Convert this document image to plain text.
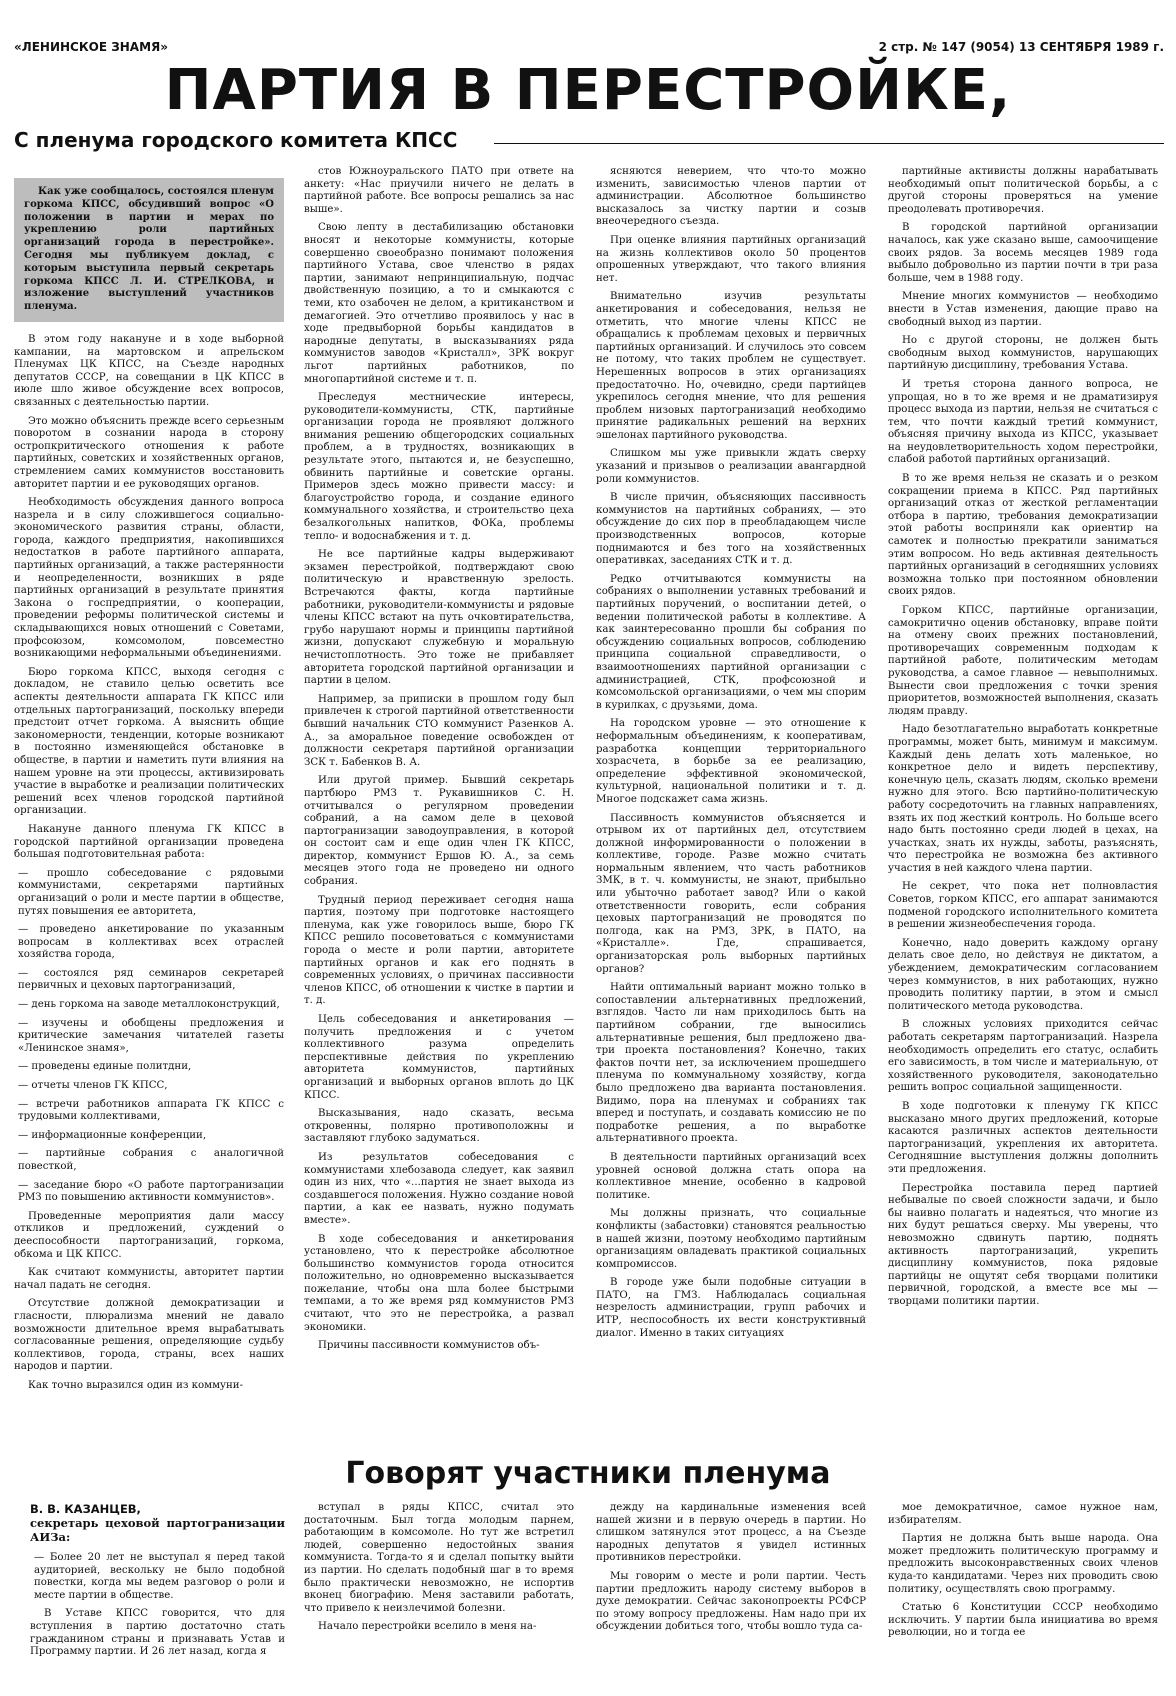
«ЛЕНИНСКОЕ ЗНАМЯ»	2 стр. № 147 (9054) 13 СЕНТЯБРЯ 1989 г.
ПАРТИЯ В ПЕРЕСТРОЙКЕ,
С пленума городского комитета КПСС
Как уже сообщалось, состоялся пленум горкома КПСС, обсудивший вопрос «О положении в партии и мерах по укреплению роли партийных организаций города в перестройке». Сегодня мы публикуем доклад, с которым выступила первый секретарь горкома КПСС Л. И. СТРЕЛКОВА, и изложение выступлений участников пленума.

В этом году накануне и в ходе выборной кампании, на мартовском и апрельском Пленумах ЦК КПСС, на Съезде народных депутатов СССР, на совещании в ЦК КПСС в июле шло живое обсуждение всех вопросов, связанных с деятельностью партии.

Это можно объяснить прежде всего серьезным поворотом в сознании народа в сторону остропкритического отношения к работе партийных, советских и хозяйственных органов, стремлением самих коммунистов восстановить авторитет партии и ее руководящих органов.

Необходимость обсуждения данного вопроса назрела и в силу сложившегося социально-экономического развития страны, области, города, каждого предприятия, накопившихся недостатков в работе партийного аппарата, партийных организаций, а также растерянности и неопределенности, возникших в ряде партийных организаций в результате принятия Закона о госпредприятии, о кооперации, проведении реформы политической системы и складывающихся новых отношений с Советами, профсоюзом, комсомолом, повсеместно возникающими неформальными объединениями.

Бюро горкома КПСС, выходя сегодня с докладом, не ставило целью осветить все аспекты деятельности аппарата ГК КПСС или отдельных партогранизаций, поскольку впереди предстоит отчет горкома. А выяснить общие закономерности, тенденции, которые возникают в постоянно изменяющейся обстановке в обществе, в партии и наметить пути влияния на нашем уровне на эти процессы, активизировать участие в выработке и реализации политических решений всех членов городской партийной организации.

Накануне данного пленума ГК КПСС в городской партийной организации проведена большая подготовительная работа:

— прошло собеседование с рядовыми коммунистами, секретарями партийных организаций о роли и месте партии в обществе, путях повышения ее авторитета,

— проведено анкетирование по указанным вопросам в коллективах всех отраслей хозяйства города,

— состоялся ряд семинаров секретарей первичных и цеховых партогранизаций,

— день горкома на заводе металлоконструкций,

— изучены и обобщены предложения и критические замечания читателей газеты «Ленинское знамя»,

— проведены единые политдни,

— отчеты членов ГК КПСС,

— встречи работников аппарата ГК КПСС с трудовыми коллективами,

— информационные конференции,

— партийные собрания с аналогичной повесткой,

— заседание бюро «О работе партогранизации РМЗ по повышению активности коммунистов».

Проведенные мероприятия дали массу откликов и предложений, суждений о дееспособности партогранизаций, горкома, обкома и ЦК КПСС.

Как считают коммунисты, авторитет партии начал падать не сегодня.

Отсутствие должной демократизации и гласности, плюрализма мнений не давало возможности длительное время вырабатывать согласованные решения, определяющие судьбу коллективов, города, страны, всех наших народов и партии.

Как точно выразился один из коммуни-

стов Южноуральского ПАТО при ответе на анкету: «Нас приучили ничего не делать в партийной работе. Все вопросы решались за нас выше».

Свою лепту в дестабилизацию обстановки вносят и некоторые коммунисты, которые совершенно своеобразно понимают положения партийного Устава, свое членство в рядах партии, занимают непринципиальную, подчас двойственную позицию, а то и смыкаются с теми, кто озабочен не делом, а критиканством и демагогией. Это отчетливо проявилось у нас в ходе предвыборной борьбы кандидатов в народные депутаты, в высказываниях ряда коммунистов заводов «Кристалл», ЗРК вокруг льгот партийных работников, по многопартийной системе и т. п.

Преследуя местнические интересы, руководители-коммунисты, СТК, партийные организации города не проявляют должного внимания решению общегородских социальных проблем, а в трудностях, возникающих в результате этого, пытаются и, не безуспешно, обвинить партийные и советские органы. Примеров здесь можно привести массу: и благоустройство города, и создание единого коммунального хозяйства, и строительство цеха безалкогольных напитков, ФОКа, проблемы тепло- и водоснабжения и т. д.

Не все партийные кадры выдерживают экзамен перестройкой, подтверждают свою политическую и нравственную зрелость. Встречаются факты, когда партийные работники, руководители-коммунисты и рядовые члены КПСС встают на путь очковтирательства, грубо нарушают нормы и принципы партийной жизни, допускают служебную и моральную нечистоплотность. Это тоже не прибавляет авторитета городской партийной организации и партии в целом.

Например, за приписки в прошлом году был привлечен к строгой партийной ответственности бывший начальник СТО коммунист Разенков А. А., за аморальное поведение освобожден от должности секретаря партийной организации ЗСК т. Бабенков В. А.

Или другой пример. Бывший секретарь партбюро РМЗ т. Рукавишников С. Н. отчитывался о регулярном проведении собраний, а на самом деле в цеховой партогранизации заводоуправления, в которой он состоит сам и еще один член ГК КПСС, директор, коммунист Ершов Ю. А., за семь месяцев этого года не проведено ни одного собрания.

Трудный период переживает сегодня наша партия, поэтому при подготовке настоящего пленума, как уже говорилось выше, бюро ГК КПСС решило посоветоваться с коммунистами города о месте и роли партии, авторитете партийных органов и как его поднять в современных условиях, о причинах пассивности членов КПСС, об отношении к чистке в партии и т. д.

Цель собеседования и анкетирования — получить предложения и с учетом коллективного разума определить перспективные действия по укреплению авторитета коммунистов, партийных организаций и выборных органов вплоть до ЦК КПСС.

Высказывания, надо сказать, весьма откровенны, полярно противоположны и заставляют глубоко задуматься.

Из результатов собеседования с коммунистами хлебозавода следует, как заявил один из них, что «...партия не знает выхода из создавшегося положения. Нужно создание новой партии, а как ее назвать, нужно подумать вместе».

В ходе собеседования и анкетирования установлено, что к перестройке абсолютное большинство коммунистов города относится положительно, но одновременно высказывается пожелание, чтобы она шла более быстрыми темпами, а то же время ряд коммунистов РМЗ считают, что это не перестройка, а развал экономики.

Причины пассивности коммунистов объ-

ясняются неверием, что что-то можно изменить, зависимостью членов партии от администрации. Абсолютное большинство высказалось за чистку партии и созыв внеочередного съезда.

При оценке влияния партийных организаций на жизнь коллективов около 50 процентов опрошенных утверждают, что такого влияния нет.

Внимательно изучив результаты анкетирования и собеседования, нельзя не отметить, что многие члены КПСС не обращались к проблемам цеховых и первичных партийных организаций. И случилось это совсем не потому, что таких проблем не существует. Нерешенных вопросов в этих организациях предостаточно. Но, очевидно, среди партийцев укрепилось сегодня мнение, что для решения проблем низовых партогранизаций необходимо принятие радикальных решений на верхних эшелонах партийного руководства.

Слишком мы уже привыкли ждать сверху указаний и призывов о реализации авангардной роли коммунистов.

В числе причин, объясняющих пассивность коммунистов на партийных собраниях, — это обсуждение до сих пор в преобладающем числе производственных вопросов, которые поднимаются и без того на хозяйственных оперативках, заседаниях СТК и т. д.

Редко отчитываются коммунисты на собраниях о выполнении уставных требований и партийных поручений, о воспитании детей, о ведении политической работы в коллективе. А как заинтересованно прошли бы собрания по обсуждению социальных вопросов, соблюдению принципа социальной справедливости, о взаимоотношениях партийной организации с администрацией, СТК, профсоюзной и комсомольской организациями, о чем мы спорим в курилках, с друзьями, дома.

На городском уровне — это отношение к неформальным объединениям, к кооперативам, разработка концепции территориального хозрасчета, в борьбе за ее реализацию, определение эффективной экономической, культурной, национальной политики и т. д. Многое подскажет сама жизнь.

Пассивность коммунистов объясняется и отрывом их от партийных дел, отсутствием должной информированности о положении в коллективе, городе. Разве можно считать нормальным явлением, что часть работников ЗМК, в т. ч. коммунисты, не знают, прибыльно или убыточно работает завод? Или о какой ответственности говорить, если собрания цеховых партогранизаций не проводятся по полгода, как на РМЗ, ЗРК, в ПАТО, на «Кристалле». Где, спрашивается, организаторская роль выборных партийных органов?

Найти оптимальный вариант можно только в сопоставлении альтернативных предложений, взглядов. Часто ли нам приходилось быть на партийном собрании, где выносились альтернативные решения, был предложено два-три проекта постановления? Конечно, таких фактов почти нет, за исключением прошедшего пленума по коммунальному хозяйству, когда было предложено два варианта постановления. Видимо, пора на пленумах и собраниях так вперед и поступать, и создавать комиссию не по подработке решения, а по выработке альтернативного проекта.

В деятельности партийных организаций всех уровней основой должна стать опора на коллективное мнение, особенно в кадровой политике.

Мы должны признать, что социальные конфликты (забастовки) становятся реальностью в нашей жизни, поэтому необходимо партийным организациям овладевать практикой социальных компромиссов.

В городе уже были подобные ситуации в ПАТО, на ГМЗ. Наблюдалась социальная незрелость администрации, групп рабочих и ИТР, неспособность их вести конструктивный диалог. Именно в таких ситуациях

партийные активисты должны нарабатывать необходимый опыт политической борьбы, а с другой стороны проверяться на умение преодолевать противоречия.

В городской партийной организации началось, как уже сказано выше, самоочищение своих рядов. За восемь месяцев 1989 года выбыло добровольно из партии почти в три раза больше, чем в 1988 году.

Мнение многих коммунистов — необходимо внести в Устав изменения, дающие право на свободный выход из партии.

Но с другой стороны, не должен быть свободным выход коммунистов, нарушающих партийную дисциплину, требования Устава.

И третья сторона данного вопроса, не упрощая, но в то же время и не драматизируя процесс выхода из партии, нельзя не считаться с тем, что почти каждый третий коммунист, объясняя причину выхода из КПСС, указывает на неудовлетворительность ходом перестройки, слабой работой партийных организаций.

В то же время нельзя не сказать и о резком сокращении приема в КПСС. Ряд партийных организаций отказ от жесткой регламентации отбора в партию, требования демократизации этой работы восприняли как ориентир на самотек и полностью прекратили заниматься этим вопросом. Но ведь активная деятельность партийных организаций в сегодняшних условиях возможна только при постоянном обновлении своих рядов.

Горком КПСС, партийные организации, самокритично оценив обстановку, вправе пойти на отмену своих прежних постановлений, противоречащих современным подходам к партийной работе, политическим методам руководства, а самое главное — невыполнимых. Вынести свои предложения с точки зрения приоритетов, возможностей выполнения, сказать людям правду.

Надо безотлагательно выработать конкретные программы, может быть, минимум и максимум. Каждый день делать хоть маленькое, но конкретное дело и видеть перспективу, конечную цель, сказать людям, сколько времени нужно для этого. Всю партийно-политическую работу сосредоточить на главных направлениях, взять их под жесткий контроль. Но больше всего надо быть постоянно среди людей в цехах, на участках, знать их нужды, заботы, разъяснять, что перестройка не возможна без активного участия в ней каждого члена партии.

Не секрет, что пока нет полновластия Советов, горком КПСС, его аппарат занимаются подменой городского исполнительного комитета в решении жизнеобеспечения города.

Конечно, надо доверить каждому органу делать свое дело, но действуя не диктатом, а убеждением, демократическим согласованием через коммунистов, в них работающих, нужно проводить политику партии, в этом и смысл политического метода руководства.

В сложных условиях приходится сейчас работать секретарям партогранизаций. Назрела необходимость определить его статус, ослабить его зависимость, в том числе и материальную, от хозяйственного руководителя, законодательно решить вопрос социальной защищенности.

В ходе подготовки к пленуму ГК КПСС высказано много других предложений, которые касаются различных аспектов деятельности партогранизаций, укрепления их авторитета. Сегодняшние выступления должны дополнить эти предложения.

Перестройка поставила перед партией небывалые по своей сложности задачи, и было бы наивно полагать и надеяться, что многие из них будут решаться сверху. Мы уверены, что невозможно сдвинуть партию, поднять активность партогранизаций, укрепить дисциплину коммунистов, пока рядовые партийцы не ощутят себя творцами политики первичной, городской, а вместе все мы — творцами политики партии.

Говорят участники пленума
В. В. КАЗАНЦЕВ,
секретарь цеховой партогранизации АИЗа:

— Более 20 лет не выступал я перед такой аудиторией, вескольку не было подобной повестки, когда мы ведем разговор о роли и месте партии в обществе.

В Уставе КПСС говорится, что для вступления в партию достаточно стать гражданином страны и признавать Устав и Программу партии. И 26 лет назад, когда я

вступал в ряды КПСС, считал это достаточным. Был тогда молодым парнем, работающим в комсомоле. Но тут же встретил людей, совершенно недостойных звания коммуниста. Тогда-то я и сделал попытку выйти из партии. Но сделать подобный шаг в то время было практически невозможно, не испортив вконец биографию. Меня заставили работать, что привело к неизлечимой болезни.

Начало перестройки вселило в меня на-

дежду на кардинальные изменения всей нашей жизни и в первую очередь в партии. Но слишком затянулся этот процесс, а на Съезде народных депутатов я увидел истинных противников перестройки.

Мы говорим о месте и роли партии. Честь партии предложить народу систему выборов в духе демократии. Сейчас законопроекты РСФСР по этому вопросу предложены. Нам надо при их обсуждении добиться того, чтобы вошло туда са-

мое демократичное, самое нужное нам, избирателям.

Партия не должна быть выше народа. Она может предложить политическую программу и предложить высоконравственных своих членов куда-то кандидатами. Через них проводить свою политику, осуществлять свою программу.

Статью 6 Конституции СССР необходимо исключить. У партии была инициатива во время революции, но и тогда ее
